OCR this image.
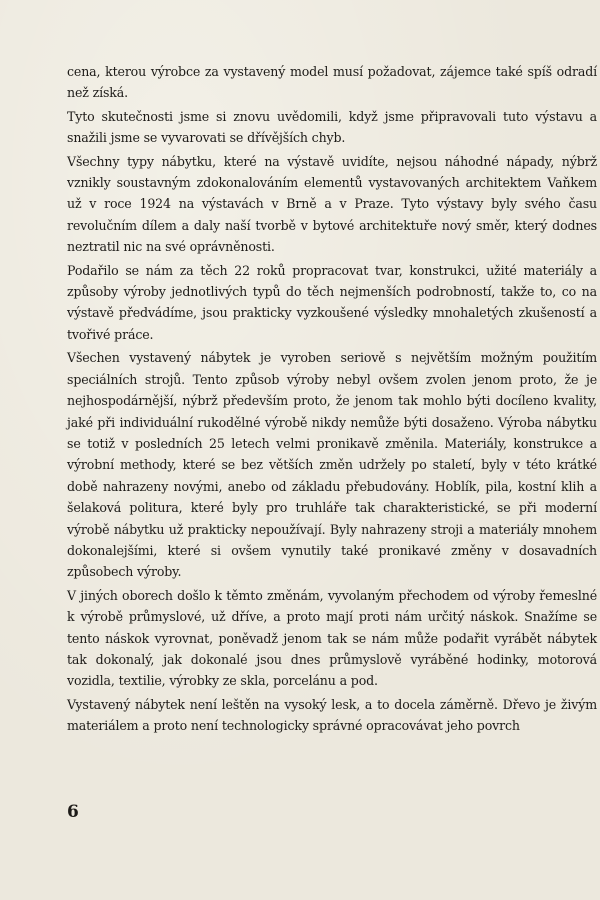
cena, kterou výrobce za vystavený model musí požadovat, zájemce také spíš odradí než získá.

Tyto skutečnosti jsme si znovu uvědomili, když jsme připravovali tuto výstavu a snažili jsme se vyvarovati se dřívějších chyb.

Všechny typy nábytku, které na výstavě uvidíte, nejsou náhodné nápady, nýbrž vznikly soustavným zdokonalováním elementů vystavovaných architektem Vaňkem už v roce 1924 na výstavách v Brně a v Praze. Tyto výstavy byly svého času revolučním dílem a daly naší tvorbě v bytové architektuře nový směr, který dodnes neztratil nic na své oprávněnosti.

Podařilo se nám za těch 22 roků propracovat tvar, konstrukci, užité materiály a způsoby výroby jednotlivých typů do těch nejmenších podrobností, takže to, co na výstavě předvádíme, jsou prakticky vyzkoušené výsledky mnohaletých zkušeností a tvořivé práce.

Všechen vystavený nábytek je vyroben seriově s největším možným použitím speciálních strojů. Tento způsob výroby nebyl ovšem zvolen jenom proto, že je nejhospodárnější, nýbrž především proto, že jenom tak mohlo býti docíleno kvality, jaké při individuální rukodělné výrobě nikdy nemůže býti dosaženo. Výroba nábytku se totiž v posledních 25 letech velmi pronikavě změnila. Materiály, konstrukce a výrobní methody, které se bez větších změn udržely po staletí, byly v této krátké době nahrazeny novými, anebo od základu přebudovány. Hoblík, pila, kostní klih a šelaková politura, které byly pro truhláře tak charakteristické, se při moderní výrobě nábytku už prakticky nepoužívají. Byly nahrazeny stroji a materiály mnohem dokonalejšími, které si ovšem vynutily také pronikavé změny v dosavadních způsobech výroby.

V jiných oborech došlo k těmto změnám, vyvolaným přechodem od výroby řemeslné k výrobě průmyslové, už dříve, a proto mají proti nám určitý náskok. Snažíme se tento náskok vyrovnat, poněvadž jenom tak se nám může podařit vyrábět nábytek tak dokonalý, jak dokonalé jsou dnes průmyslově vyráběné hodinky, motorová vozidla, textilie, výrobky ze skla, porcelánu a pod.

Vystavený nábytek není leštěn na vysoký lesk, a to docela záměrně. Dřevo je živým materiálem a proto není technologicky správné opracovávat jeho povrch

6
